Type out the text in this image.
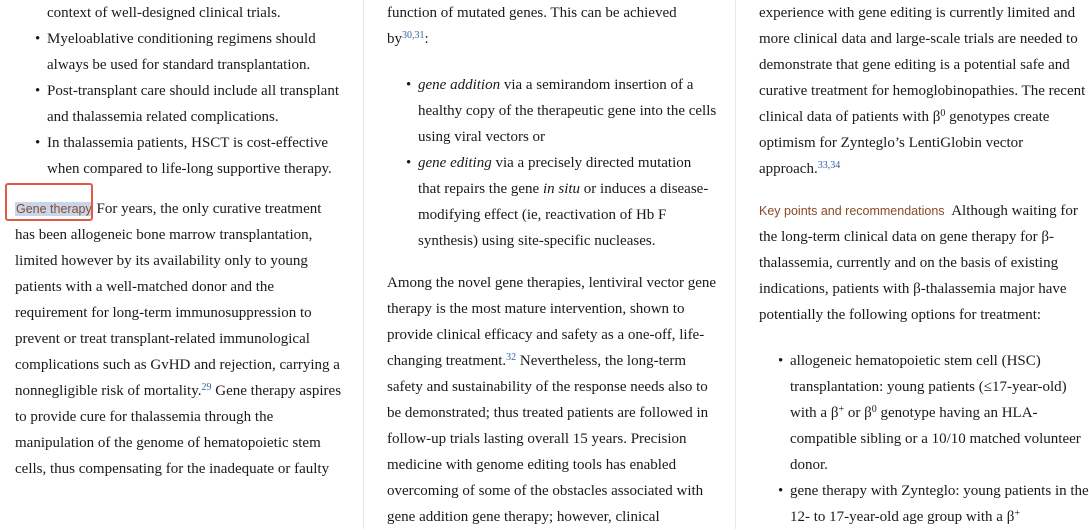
context of well-designed clinical trials.

• Myeloablative conditioning regimens should always be used for standard transplantation.
• Post-transplant care should include all transplant and thalassemia related complications.
• In thalassemia patients, HSCT is cost-effective when compared to life-long supportive therapy.

Gene therapy
For years, the only curative treatment has been allogeneic bone marrow transplantation, limited however by its availability only to young patients with a well-matched donor and the requirement for long-term immunosuppression to prevent or treat transplant-related immunological complications such as GvHD and rejection, carrying a nonnegligible risk of mortality.$^{29}$ Gene therapy aspires to provide cure for thalassemia through the manipulation of the genome of hematopoietic stem cells, thus compensating for the inadequate or faulty

function of mutated genes. This can be achieved by$^{30,31}$:

• gene addition via a semirandom insertion of a healthy copy of the therapeutic gene into the cells using viral vectors or
• gene editing via a precisely directed mutation that repairs the gene in situ or induces a disease-modifying effect (ie, reactivation of Hb F synthesis) using site-specific nucleases.

Among the novel gene therapies, lentiviral vector gene therapy is the most mature intervention, shown to provide clinical efficacy and safety as a one-off, life-changing treatment.$^{32}$ Nevertheless, the long-term safety and sustainability of the response needs also to be demonstrated; thus treated patients are followed in follow-up trials lasting overall 15 years. Precision medicine with genome editing tools has enabled overcoming of some of the obstacles associated with gene addition gene therapy; however, clinical

experience with gene editing is currently limited and more clinical data and large-scale trials are needed to demonstrate that gene editing is a potential safe and curative treatment for hemoglobinopathies. The recent clinical data of patients with $\beta^0$ genotypes create optimism for Zynteglo’s LentiGlobin vector approach.$^{33,34}$

Key points and recommendations  Although waiting for the long-term clinical data on gene therapy for β-thalassemia, currently and on the basis of existing indications, patients with β-thalassemia major have potentially the following options for treatment:

• allogeneic hematopoietic stem cell (HSC) transplantation: young patients (≤17-year-old) with a β+ or $\beta^0$ genotype having an HLA-compatible sibling or a 10/10 matched volunteer donor.
• gene therapy with Zynteglo: young patients in the 12- to 17-year-old age group with a β+
